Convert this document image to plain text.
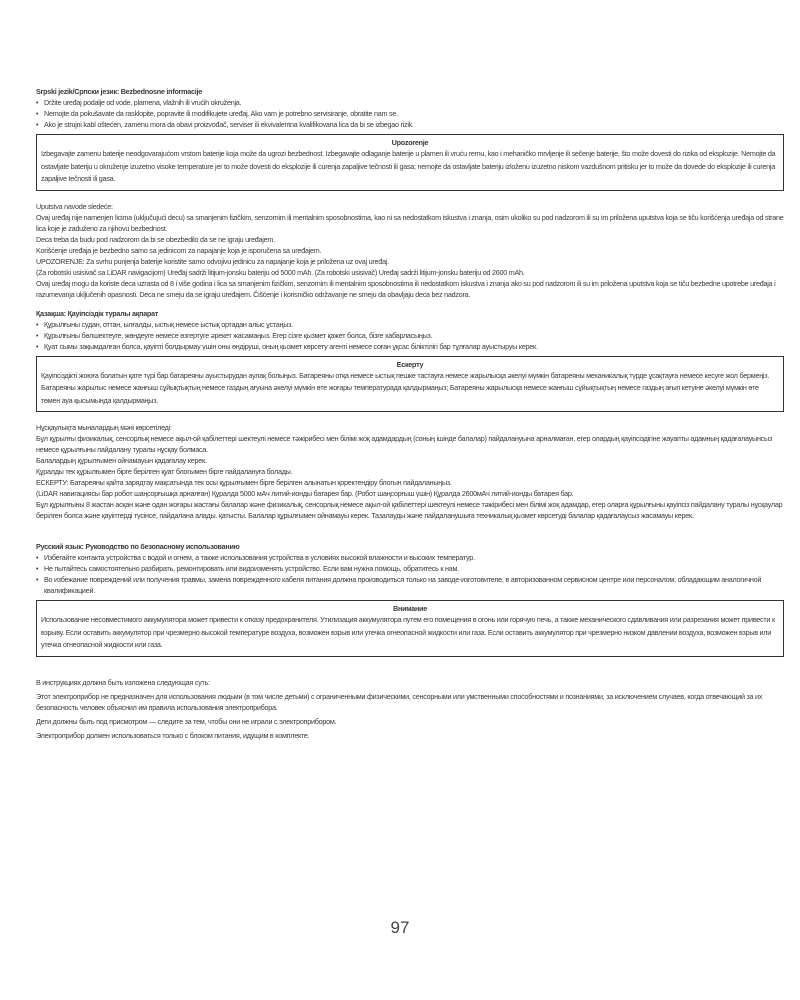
Srpski jezik/Српски језик: Bezbednosne informacije

• Držite uređaj podalje od vode, plamena, vlažnih ili vrućih okruženja.
• Nemojte da pokušavate da rasklopite, popravite ili modifikujete uređaj. Ako vam je potrebno servisiranje, obratite nam se.
• Ako je strujni kabl oštećen, zamenu mora da obavi proizvođač, serviser ili ekvivalentna kvalifikovana lica da bi se izbegao rizik.
Upozorenje

Izbegavajte zamenu baterije neodgovarajućom vrstom baterije koja može da ugrozi bezbednost. Izbegavajte odlaganje baterije u plamen ili vruću rernu, kao i mehaničko mrvljenje ili sečenje baterije, što može dovesti do rizika od eksplozije. Nemojte da ostavljate bateriju u okruženje izuzetno visoke temperature jer to može dovesti do eksplozije ili curenja zapaljive tečnosti ili gasa; nemojte da ostavljate bateriju izloženu izuzetno niskom vazdušnom pritisku jer to može da dovede do eksplozije ili curenja zapaljive tečnosti ili gasa.

Uputstva navode sledeće:

Ovaj uređaj nije namenjen licima (uključujući decu) sa smanjenim fizičkim, senzornim ili mentalnim sposobnostima, kao ni sa nedostatkom iskustva i znanja, osim ukoliko su pod nadzorom ili su im priložena uputstva koja se tiču korišćenja uređaja od strane lica koje je zaduženo za njihovu bezbednost.

Deca treba da budu pod nadzorom da bi se obezbedilo da se ne igraju uređajem.

Korišćenje uređaja je bezbedno samo sa jedinicom za napajanje koja je isporučena sa uređajem.

UPOZORENJE: Za svrhu punjenja baterije koristite samo odvojivu jedinicu za napajanje koja je priložena uz ovaj uređaj.

(Za robotski usisivač sa LiDAR navigacijom) Uređaj sadrži litijum-jonsku bateriju od 5000 mAh. (Za robotski usisivač) Uređaj sadrži litijum-jonsku bateriju od 2600 mAh.

Ovaj uređaj mogu da koriste deca uzrasta od 8 i više godina i lica sa smanjenim fizičkim, senzornim ili mentalnim sposobnostima ili nedostatkom iskustva i znanja ako su pod nadzorom ili su im priložena uputstva koja se tiču bezbedne upotrebe uređaja i razumevanja uključenih opasnosti. Deca ne smeju da se igraju uređajem. Čišćenje i korisničko održavanje ne smeju da obavljaju deca bez nadzora.

Қазақша: Қауіпсіздік туралы ақпарат

• Құрылғыны судан, оттан, ылғалды, ыстық немесе ыстық ортадан алыс ұстаңыз.
• Құрылғыны бөлшектеуге, жөндеуге немесе өзгертуге әрекет жасамаңыз. Егер сізге қызмет қажет болса, бізге хабарласыңыз.
• Қуат сымы зақымдалған болса, қауіпті болдырмау үшін оны өндіруші, оның қызмет көрсету агенті немесе соған ұқсас біліктілігі бар тұлғалар ауыстыруы керек.
Ескерту

Қауіпсіздікті жоюға болатын қате түрі бар батареяны ауыстырудан аулақ болыңыз. Батареяны отқа немесе ыстық пешке тастауға немесе жарылысқа әкелуі мүмкін батареяны механикалық түрде ұсақтауға немесе кесуге жол бермеңіз. Батареяны жарылыс немесе жанғыш сұйықтықтың немесе газдың ағуына әкелуі мүмкін өте жоғары температурада қалдырмаңыз; Батареяны жарылысқа немесе жанғыш сұйықтықтың немесе газдың ағып кетуіне әкелуі мүмкін өте төмен ауа қысымында қалдырмаңыз.

Нұсқаулықта мыналардың мәні көрсетіледі:

Бұл құрылғы физикалық, сенсорлық немесе ақыл-ой қабілеттері шектеулі немесе тәжірибесі мен білімі жоқ адамдардың (соның ішінде балалар) пайдалануына арналмаған, егер олардың қауіпсіздігіне жауапты адамның қадағалауынсыз немесе құрылғыны пайдалану туралы нұсқау болмаса.

Балалардың құрылғымен ойнамауын қадағалау керек.

Құралды тек құрылғымен бірге берілген қуат блогымен бірге пайдалануға болады.

ЕСКЕРТУ: Батареяны қайта зарядтау мақсатында тек осы құрылғымен бірге берілген алынатын қоректендіру блогын пайдаланыңыз.

(LiDAR навигациясы бар робот шаңсорғышқа арналған) Құралда 5000 мАч литий-ионды батарея бар. (Робот шаңсорғыш үшін) Құралда 2600мАч литий-ионды батарея бар.

Бұл құрылғыны 8 жастан асқан және одан жоғары жастағы балалар және физикалық, сенсорлық немесе ақыл-ой қабілеттері шектеулі немесе тәжірибесі мен білімі жоқ адамдар, егер оларға құрылғыны қауіпсіз пайдалану туралы нұсқаулар берілген болса және қауіптерді түсінсе, пайдалана алады. қатысты. Балалар құрылғымен ойнамауы керек. Тазалауды және пайдаланушыға техникалық қызмет көрсетуді балалар қадағалаусыз жасамауы керек.

Русский язык: Руководство по безопасному использованию

• Избегайте контакта устройства с водой и огнем, а также использования устройства в условиях высокой влажности и высоких температур.
• Не пытайтесь самостоятельно разбирать, ремонтировать или видоизменять устройство. Если вам нужна помощь, обратитесь к нам.
• Во избежание повреждений или получения травмы, замена поврежденного кабеля питания должна производиться только на заводе-изготовителе, в авторизованном сервисном центре или персоналом, обладающим аналогичной квалификацией.
Внимание

Использование несовместимого аккумулятора может привести к отказу предохранителя. Утилизация аккумулятора путем его помещения в огонь или горячую печь, а также механического сдавливания или разрезания может привести к взрыву. Если оставить аккумулятор при чрезмерно высокой температуре воздуха, возможен взрыв или утечка огнеопасной жидкости или газа. Если оставить аккумулятор при чрезмерно низком давлении воздуха, возможен взрыв или утечка огнеопасной жидкости или газа.

В инструкциях должна быть изложена следующая суть:

Этот электроприбор не предназначен для использования людьми (в том числе детьми) с ограниченными физическими, сенсорными или умственными способностями и познаниями, за исключением случаев, когда отвечающий за их безопасность человек объяснил им правила использования электроприбора.

Дети должны быть под присмотром — следите за тем, чтобы они не играли с электроприбором.

Электроприбор должен использоваться только с блоком питания, идущим в комплекте.

97
